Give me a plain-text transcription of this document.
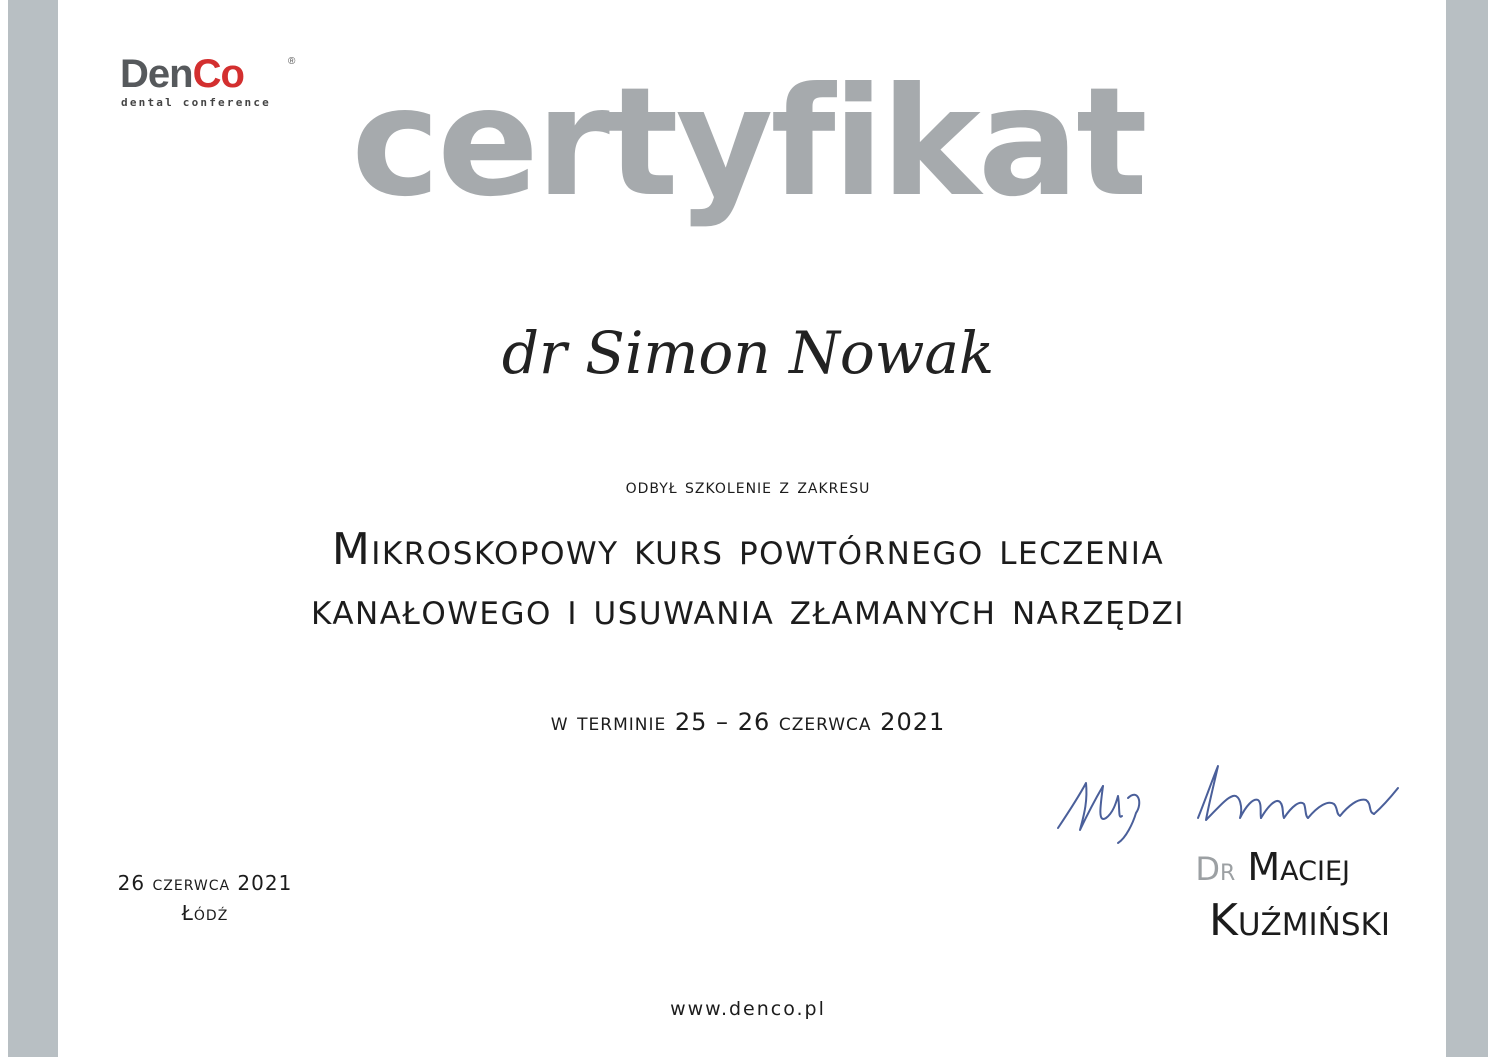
DenCo	®
dental conference certyfikat
dr Simon Nowak
odbył szkolenie z zakresu
Mikroskopowy kurs powtórnego leczenia
kanałowego i usuwania złamanych narzędzi
w terminie 25 – 26 czerwca 2021
26 czerwca 2021
Łódź
Dr Maciej
Kuźmiński
www.denco.pl
